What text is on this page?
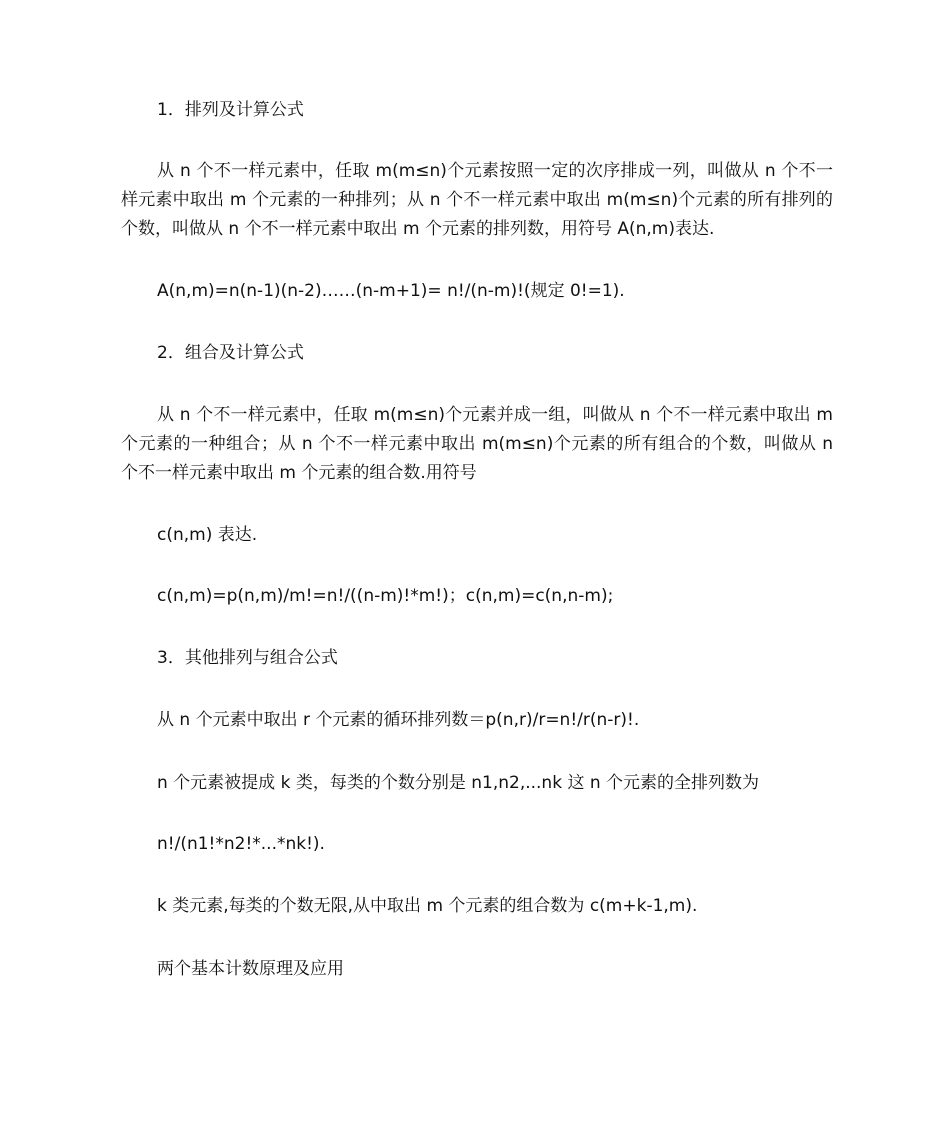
1．排列及计算公式
从 n 个不一样元素中，任取 m(m≤n)个元素按照一定的次序排成一列，叫做从 n 个不一样元素中取出 m 个元素的一种排列；从 n 个不一样元素中取出 m(m≤n)个元素的所有排列的个数，叫做从 n 个不一样元素中取出 m 个元素的排列数，用符号 A(n,m)表达.
A(n,m)=n(n-1)(n-2)……(n-m+1)= n!/(n-m)!(规定 0!=1).
2．组合及计算公式
从 n 个不一样元素中，任取 m(m≤n)个元素并成一组，叫做从 n 个不一样元素中取出 m 个元素的一种组合；从 n 个不一样元素中取出 m(m≤n)个元素的所有组合的个数，叫做从 n 个不一样元素中取出 m 个元素的组合数.用符号
c(n,m) 表达.
c(n,m)=p(n,m)/m!=n!/((n-m)!*m!)；c(n,m)=c(n,n-m);
3．其他排列与组合公式
从 n 个元素中取出 r 个元素的循环排列数＝p(n,r)/r=n!/r(n-r)!.
n 个元素被提成 k 类，每类的个数分别是 n1,n2,...nk 这 n 个元素的全排列数为
n!/(n1!*n2!*...*nk!).
k 类元素,每类的个数无限,从中取出 m 个元素的组合数为 c(m+k-1,m).
两个基本计数原理及应用
